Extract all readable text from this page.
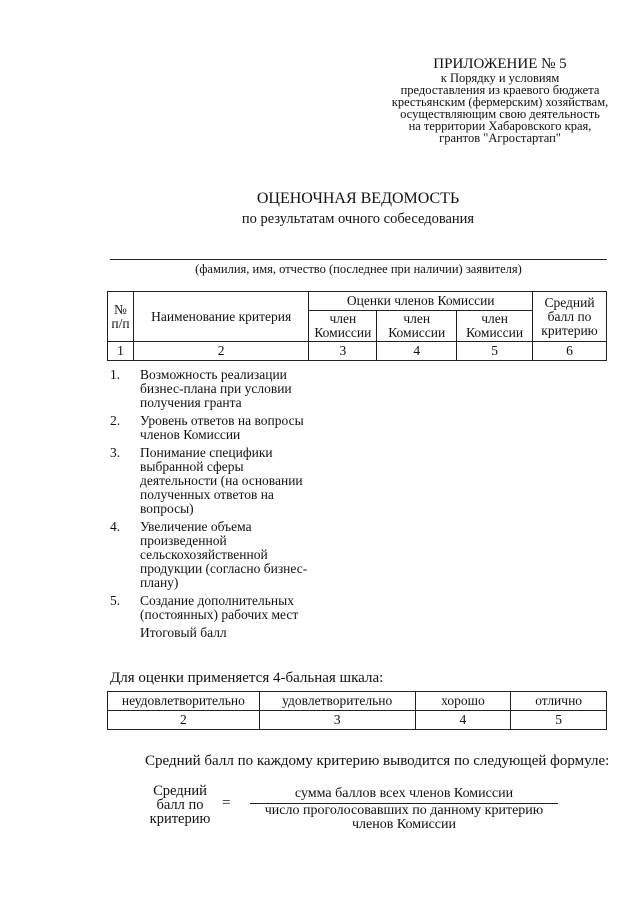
ПРИЛОЖЕНИЕ № 5
к Порядку и условиям
предоставления из краевого бюджета
крестьянским (фермерским) хозяйствам,
осуществляющим свою деятельность
на территории Хабаровского края,
грантов "Агростартап"
ОЦЕНОЧНАЯ ВЕДОМОСТЬ
по результатам очного собеседования
(фамилия, имя, отчество (последнее при наличии) заявителя)
№ п/п	Наименование критерия	Оценки членов Комиссии			Средний балл по критерию
		член Комиссии	член Комиссии	член Комиссии	
1	2	3	4	5	6
1.	Возможность реализации бизнес-плана при условии получения гранта
2.	Уровень ответов на вопросы членов Комиссии
3.	Понимание специфики выбранной сферы деятельности (на основании полученных ответов на вопросы)
4.	Увеличение объема произведенной сельскохозяйственной продукции (согласно бизнес-плану)
5.	Создание дополнительных (постоянных) рабочих мест
Итоговый балл
Для оценки применяется 4-бальная шкала:
неудовлетворительно	удовлетворительно	хорошо	отлично
2	3	4	5
Средний балл по каждому критерию выводится по следующей формуле:
Средний балл по критерию
=
сумма баллов всех членов Комиссии
число проголосовавших по данному критерию членов Комиссии
